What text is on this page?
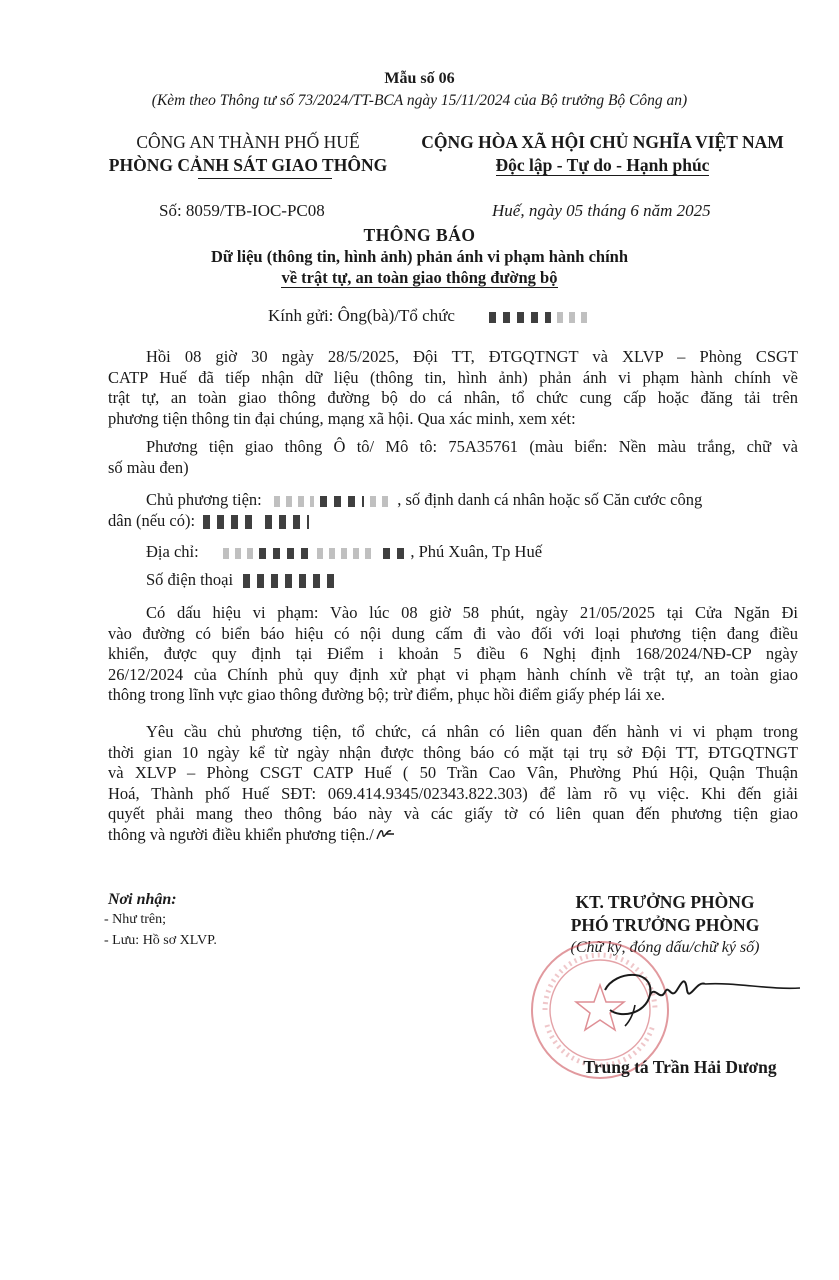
Mẫu số 06
(Kèm theo Thông tư số 73/2024/TT-BCA ngày 15/11/2024 của Bộ trưởng Bộ Công an)
CÔNG AN THÀNH PHỐ HUẾ
PHÒNG CẢNH SÁT GIAO THÔNG
CỘNG HÒA XÃ HỘI CHỦ NGHĨA VIỆT NAM
Độc lập - Tự do - Hạnh phúc
Số: 8059/TB-IOC-PC08	Huế, ngày 05 tháng 6 năm 2025
THÔNG BÁO
Dữ liệu (thông tin, hình ảnh) phản ánh vi phạm hành chính
về trật tự, an toàn giao thông đường bộ
Kính gửi: Ông(bà)/Tổ chức
Hồi 08 giờ 30 ngày 28/5/2025, Đội TT, ĐTGQTNGT và XLVP – Phòng CSGT
CATP Huế đã tiếp nhận dữ liệu (thông tin, hình ảnh) phản ánh vi phạm hành chính về
trật tự, an toàn giao thông đường bộ do cá nhân, tổ chức cung cấp hoặc đăng tải trên
phương tiện thông tin đại chúng, mạng xã hội. Qua xác minh, xem xét:
Phương tiện giao thông Ô tô/ Mô tô: 75A35761 (màu biển: Nền màu trắng, chữ và
số màu đen)
Chủ phương tiện:	, số định danh cá nhân hoặc số Căn cước công
dân (nếu có):
Địa chỉ:	, Phú Xuân, Tp Huế
Số điện thoại
Có dấu hiệu vi phạm: Vào lúc 08 giờ 58 phút, ngày 21/05/2025 tại Cửa Ngăn Đi
vào đường có biển báo hiệu có nội dung cấm đi vào đối với loại phương tiện đang điều
khiển, được quy định tại Điểm i khoản 5 điều 6 Nghị định 168/2024/NĐ-CP ngày
26/12/2024 của Chính phủ quy định xử phạt vi phạm hành chính về trật tự, an toàn giao
thông trong lĩnh vực giao thông đường bộ; trừ điểm, phục hồi điểm giấy phép lái xe.
Yêu cầu chủ phương tiện, tổ chức, cá nhân có liên quan đến hành vi vi phạm trong
thời gian 10 ngày kể từ ngày nhận được thông báo có mặt tại trụ sở Đội TT, ĐTGQTNGT
và XLVP – Phòng CSGT CATP Huế ( 50 Trần Cao Vân, Phường Phú Hội, Quận Thuận
Hoá, Thành phố Huế SĐT: 069.414.9345/02343.822.303) để làm rõ vụ việc. Khi đến giải
quyết phải mang theo thông báo này và các giấy tờ có liên quan đến phương tiện giao
thông và người điều khiển phương tiện./
Nơi nhận:
- Như trên;
- Lưu: Hồ sơ XLVP.
KT. TRƯỞNG PHÒNG
PHÓ TRƯỞNG PHÒNG
(Chữ ký, đóng dấu/chữ ký số)
Trung tá Trần Hải Dương
